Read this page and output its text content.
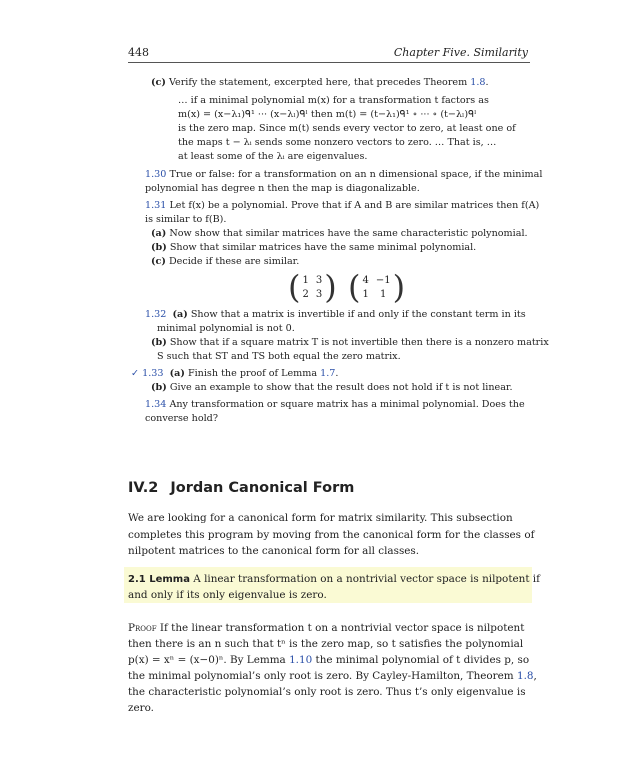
448	Chapter Five. Similarity
(c) Verify the statement, excerpted here, that precedes Theorem 1.8.
… if a minimal polynomial m(x) for a transformation t factors as
m(x) = (x−λ₁)ᑫ¹ ··· (x−λₗ)ᑫˡ then m(t) = (t−λ₁)ᑫ¹ ∘ ··· ∘ (t−λₗ)ᑫˡ
is the zero map. Since m(t) sends every vector to zero, at least one of
the maps t − λᵢ sends some nonzero vectors to zero. … That is, …
at least some of the λᵢ are eigenvalues.
1.30 True or false: for a transformation on an n dimensional space, if the minimal
polynomial has degree n then the map is diagonalizable.
1.31 Let f(x) be a polynomial. Prove that if A and B are similar matrices then f(A)
is similar to f(B).
(a) Now show that similar matrices have the same characteristic polynomial.
(b) Show that similar matrices have the same minimal polynomial.
(c) Decide if these are similar.
( 1 3
2 3 ) ( 4 −1
1	1 )
1.32 (a) Show that a matrix is invertible if and only if the constant term in its
minimal polynomial is not 0.
(b) Show that if a square matrix T is not invertible then there is a nonzero matrix
S such that ST and TS both equal the zero matrix.
✓ 1.33 (a) Finish the proof of Lemma 1.7.
(b) Give an example to show that the result does not hold if t is not linear.
1.34 Any transformation or square matrix has a minimal polynomial. Does the
converse hold?
IV.2 Jordan Canonical Form
We are looking for a canonical form for matrix similarity. This subsection
completes this program by moving from the canonical form for the classes of
nilpotent matrices to the canonical form for all classes.
2.1 Lemma A linear transformation on a nontrivial vector space is nilpotent if
and only if its only eigenvalue is zero.
Proof If the linear transformation t on a nontrivial vector space is nilpotent
then there is an n such that tⁿ is the zero map, so t satisfies the polynomial
p(x) = xⁿ = (x−0)ⁿ. By Lemma 1.10 the minimal polynomial of t divides p, so
the minimal polynomial’s only root is zero. By Cayley-Hamilton, Theorem 1.8,
the characteristic polynomial’s only root is zero. Thus t’s only eigenvalue is
zero.
